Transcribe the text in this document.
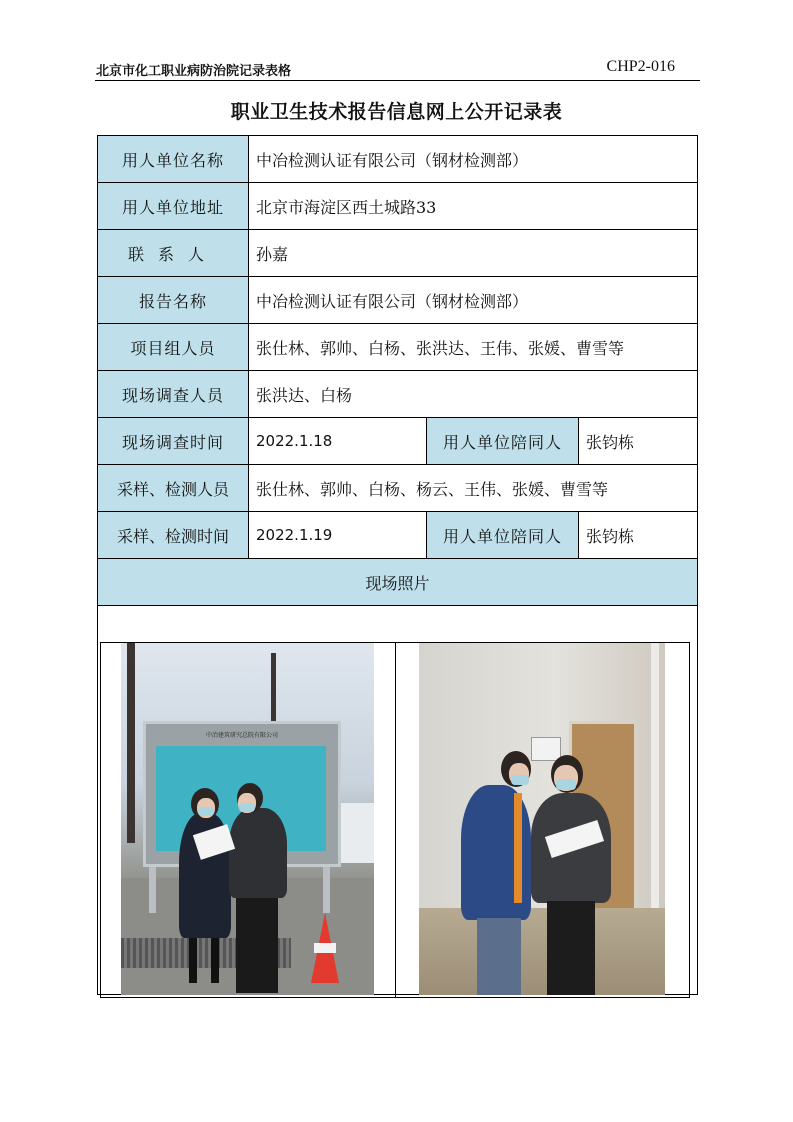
北京市化工职业病防治院记录表格	CHP2-016
职业卫生技术报告信息网上公开记录表
用人单位名称	中冶检测认证有限公司（钢材检测部）		
用人单位地址	北京市海淀区西土城路33		
联系人	孙嘉		
报告名称	中冶检测认证有限公司（钢材检测部）		
项目组人员	张仕林、郭帅、白杨、张洪达、王伟、张媛、曹雪等		
现场调查人员	张洪达、白杨		
现场调查时间	2022.1.18	用人单位陪同人	张钧栋
采样、检测人员	张仕林、郭帅、白杨、杨云、王伟、张媛、曹雪等		
采样、检测时间	2022.1.19	用人单位陪同人	张钧栋
现场照片			

中冶建筑研究总院有限公司
